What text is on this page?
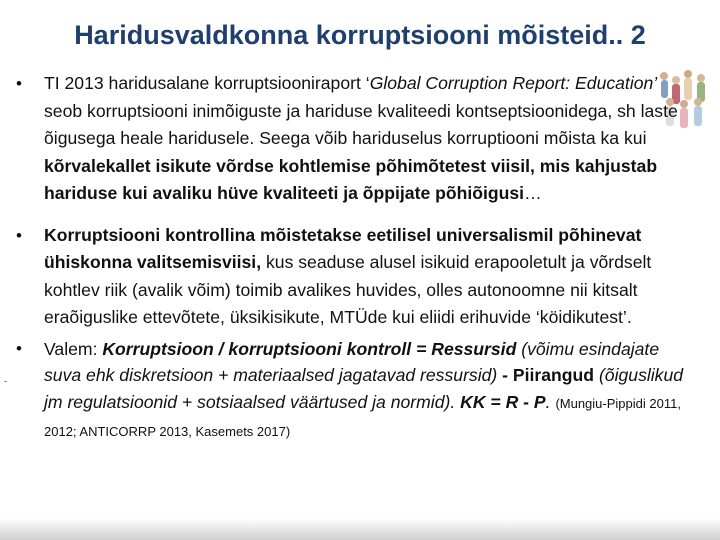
Haridusvaldkonna korruptsiooni mõisteid.. 2
• TI 2013 haridusalane korruptsiooniraport ‘Global Corruption Report: Education’ seob korruptsiooni inimõiguste ja hariduse kvaliteedi kontseptsioonidega, sh laste õigusega heale haridusele. Seega võib hariduselus korruptiooni mõista ka kui kõrvalekallet isikute võrdse kohtlemise põhimõtetest viisil, mis kahjustab hariduse kui avaliku hüve kvaliteeti ja õppijate põhiõigusi…
• Korruptsiooni kontrollina mõistetakse eetilisel universalismil põhinevat ühiskonna valitsemisviisi, kus seaduse alusel isikuid erapooletult ja võrdselt kohtlev riik (avalik võim) toimib avalikes huvides, olles autonoomne nii kitsalt eraõiguslike ettevõtete, üksikisikute, MTÜde kui eliidi erihuvide ‘köidikutest’.
• Valem: Korruptsioon / korruptsiooni kontroll = Ressursid (võimu esindajate suva ehk diskretsioon + materiaalsed jagatavad ressursid) - Piirangud (õiguslikud jm regulatsioonid + sotsiaalsed väärtused ja normid). KK = R - P. (Mungiu-Pippidi 2011, 2012; ANTICORRP 2013, Kasemets 2017)
-
